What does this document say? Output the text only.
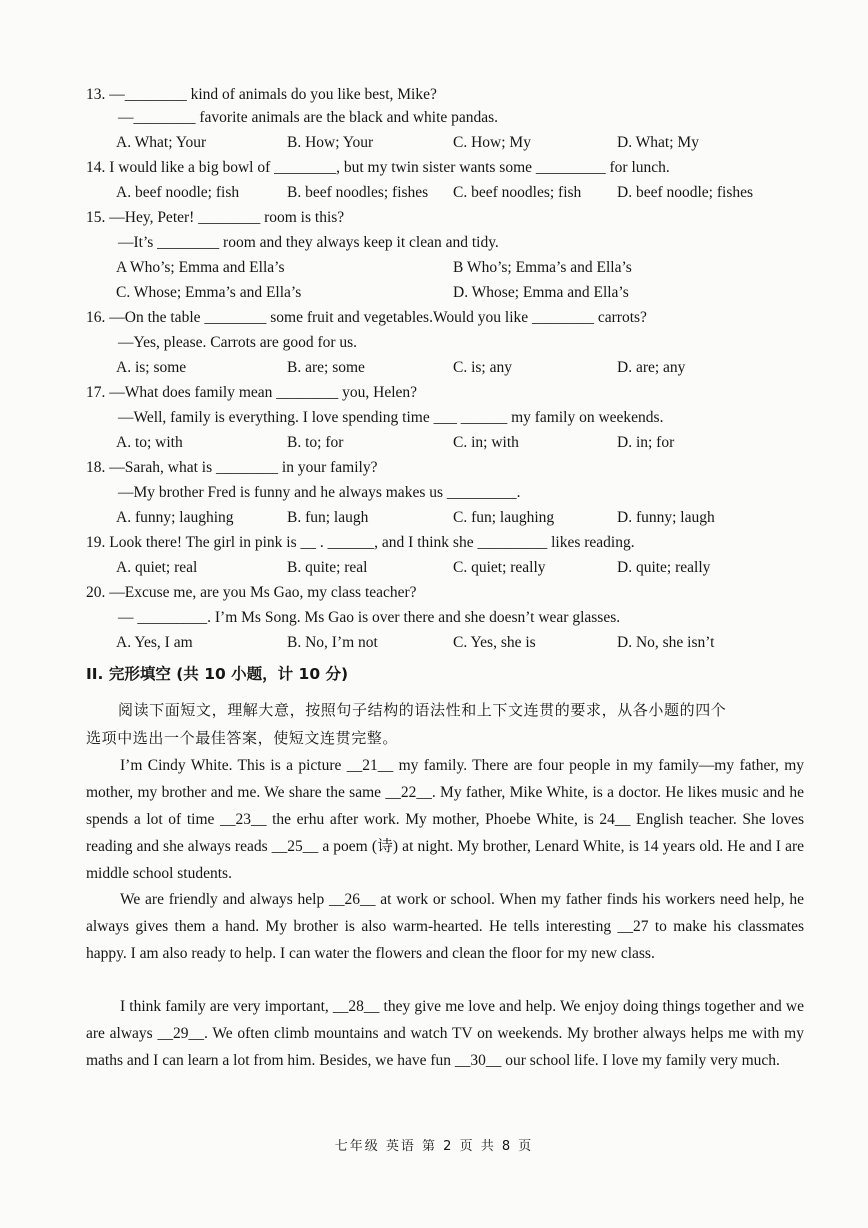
13. —________ kind of animals do you like best, Mike?
—________ favorite animals are the black and white pandas.
A. What; Your	B. How; Your	C. How; My	D. What; My
14. I would like a big bowl of ________, but my twin sister wants some _________ for lunch.
A. beef noodle; fish	B. beef noodles; fishes C. beef noodles; fish D. beef noodle; fishes
15. —Hey, Peter! ________ room is this?
—It’s ________ room and they always keep it clean and tidy.
A Who’s; Emma and Ella’s	B Who’s; Emma’s and Ella’s
C. Whose; Emma’s and Ella’s	D. Whose; Emma and Ella’s
16. —On the table ________ some fruit and vegetables.Would you like ________ carrots?
—Yes, please. Carrots are good for us.
A. is; some	B. are; some	C. is; any	D. are; any
17. —What does family mean ________ you, Helen?
—Well, family is everything. I love spending time ___ ______ my family on weekends.
A. to; with	B. to; for	C. in; with	D. in; for
18. —Sarah, what is ________ in your family?
—My brother Fred is funny and he always makes us _________.
A. funny; laughing	B. fun; laugh	C. fun; laughing	D. funny; laugh
19. Look there! The girl in pink is __ . ______, and I think she _________ likes reading.
A. quiet; real	B. quite; real	C. quiet; really	D. quite; really
20. —Excuse me, are you Ms Gao, my class teacher?
— _________. I’m Ms Song. Ms Gao is over there and she doesn’t wear glasses.
A. Yes, I am	B. No, I’m not	C. Yes, she is	D. No, she isn’t
II. 完形填空 (共 10 小题，计 10 分)
阅读下面短文，理解大意，按照句子结构的语法性和上下文连贯的要求，从各小题的四个
选项中选出一个最佳答案，使短文连贯完整。
I’m Cindy White. This is a picture __21__ my family. There are four people in my family—my father, my mother, my brother and me. We share the same __22__. My father, Mike White, is a doctor. He likes music and he spends a lot of time __23__ the erhu after work. My mother, Phoebe White, is 24__ English teacher. She loves reading and she always reads __25__ a poem (诗) at night. My brother, Lenard White, is 14 years old. He and I are middle school students.
We are friendly and always help __26__ at work or school. When my father finds his workers need help, he always gives them a hand. My brother is also warm-hearted. He tells interesting __27 to make his classmates happy. I am also ready to help. I can water the flowers and clean the floor for my new class.
I think family are very important, __28__ they give me love and help. We enjoy doing things together and we are always __29__. We often climb mountains and watch TV on weekends. My brother always helps me with my maths and I can learn a lot from him. Besides, we have fun __30__ our school life. I love my family very much.
七年级 英语 第 2 页 共 8 页
